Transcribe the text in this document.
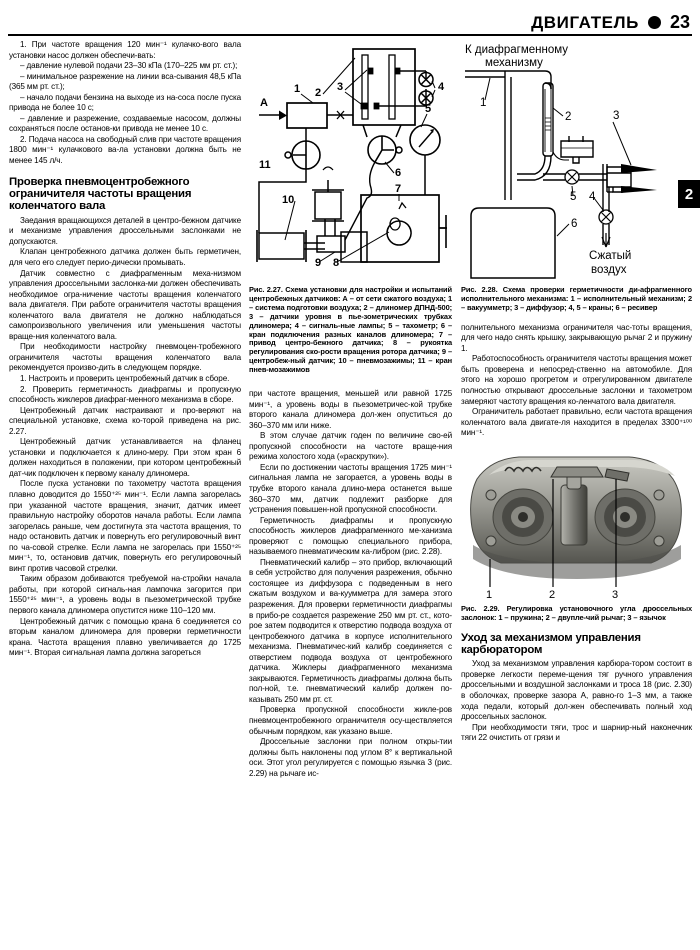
ДВИГАТЕЛЬ 23
2

1. При частоте вращения 120 мин⁻¹ кулачко-вого вала установки насос должен обеспечи-вать:

– давление нулевой подачи 23–30 кПа (170–225 мм рт. ст.);

– минимальное разрежение на линии вса-сывания 48,5 кПа (365 мм рт. ст.);

– начало подачи бензина на выходе из на-соса после пуска привода не более 10 с;

– давление и разрежение, создаваемые насосом, должны сохраняться после останов-ки привода не менее 10 с.

2. Подача насоса на свободный слив при частоте вращения 1800 мин⁻¹ кулачкового ва-ла установки должна быть не менее 145 л/ч.

Проверка пневмоцентробежного ограничителя частоты вращения коленчатого вала

Заедания вращающихся деталей в центро-бежном датчике и механизме управления дроссельными заслонками не допускаются.

Клапан центробежного датчика должен быть герметичен, для чего его следует перио-дически промывать.

Датчик совместно с диафрагменным меха-низмом управления дроссельными заслонка-ми должен обеспечивать необходимое огра-ничение частоты вращения коленчатого вала двигателя. При работе ограничителя частоты вращения коленчатого вала двигателя не должно наблюдаться самопроизвольного увеличения или уменьшения частоты враще-ния коленчатого вала.

При необходимости настройку пневмоцен-тробежного ограничителя частоты вращения коленчатого вала рекомендуется произво-дить в следующем порядке.

1. Настроить и проверить центробежный датчик в сборе.

2. Проверить герметичность диафрагмы и пропускную способность жиклеров диафраг-менного механизма в сборе.

Центробежный датчик настраивают и про-веряют на специальной установке, схема ко-торой приведена на рис. 2.27.

Центробежный датчик устанавливается на фланец установки и подключается к длино-меру. При этом кран 6 должен находиться в положении, при котором центробежный дат-чик подключен к первому каналу длиномера.

После пуска установки по тахометру частота вращения плавно доводится до 1550⁺²⁵ мин⁻¹. Если лампа загорелась при указанной частоте вращения, значит, датчик имеет правильную настройку оборотов начала работы. Если лампа загорелась раньше, чем достигнута эта частота вращения, то надо остановить датчик и повернуть его регулировочный винт по ча-совой стрелке. Если лампа не загорелась при 1550⁺²⁵ мин⁻¹, то, остановив датчик, повернуть его регулировочный винт против часовой стрелки.

Таким образом добиваются требуемой на-стройки начала работы, при которой сигналь-ная лампочка загорится при 1550⁺²⁵ мин⁻¹, а уровень воды в пьезометрической трубке первого канала длиномера опустится ниже 110–120 мм.

Центробежный датчик с помощью крана 6 соединяется со вторым каналом длиномера для проверки герметичности крана. Частота вращения плавно увеличивается до 1725 мин⁻¹. Вторая сигнальная лампа должна загореться

A
1 2 3	4
5
6
7
8
9
10
11

Рис. 2.27. Схема установки для настройки и испытаний центробежных датчиков: А – от сети сжатого воздуха; 1 – система подготовки воздуха; 2 – длиномер ДПНД-500; 3 – датчики уровня в пье-зометрических трубках длиномера; 4 – сигналь-ные лампы; 5 – тахометр; 6 – кран подключения разных каналов длиномера; 7 – привод центро-бежного датчика; 8 – рукоятка регулирования ско-рости вращения ротора датчика; 9 – центробеж-ный датчик; 10 – пневмозажимы; 11 – кран пнев-мозажимов

при частоте вращения, меньшей или равной 1725 мин⁻¹, а уровень воды в пьезометричес-кой трубке второго канала длиномера дол-жен опуститься до 360–370 мм или ниже.

В этом случае датчик годен по величине сво-ей пропускной способности на частоте враще-ния режима холостого хода («раскрутки»).

Если по достижении частоты вращения 1725 мин⁻¹ сигнальная лампа не загорается, а уровень воды в трубке второго канала длино-мера останется выше 360–370 мм, датчик подлежит разборке для устранения повышен-ной пропускной способности.

Герметичность диафрагмы и пропускную способность жиклеров диафрагменного ме-ханизма проверяют с помощью специального прибора, называемого пневматическим ка-либром (рис. 2.28).

Пневматический калибр – это прибор, включающий в себя устройство для получения разрежения, обычно состоящее из диффузора с подведенным в него сжатым воздухом и ва-куумметра для замера этого разрежения. Для проверки герметичности диафрагмы в прибо-ре создается разрежение 250 мм рт. ст., кото-рое затем подводится к отверстию подвода воздуха от центробежного датчика в корпусе исполнительного механизма. Пневматичес-кий калибр соединяется с отверстием подвода воздуха от центробежного датчика. Жиклеры диафрагменного механизма закрываются. Герметичность диафрагмы должна быть пол-ной, т.е. пневматический калибр должен по-казывать 250 мм рт. ст.

Проверка пропускной способности жикле-ров пневмоцентробежного ограничителя осу-ществляется обычным порядком, как указано выше.

Дроссельные заслонки при полном откры-тии должны быть наклонены под углом 8° к вертикальной оси. Этот угол регулируется с помощью язычка 3 (рис. 2.29) на рычаге ис-

К диафрагменному
механизму
Сжатый
воздух
1
2	3
4
5
6

Рис. 2.28. Схема проверки герметичности ди-афрагменного исполнительного механизма: 1 – исполнительный механизм; 2 – вакуумметр; 3 – диффузор; 4, 5 – краны; 6 – ресивер

полнительного механизма ограничителя час-тоты вращения, для чего надо снять крышку, закрывающую рычаг 2 и пружину 1.

Работоспособность ограничителя частоты вращения может быть проверена и непосред-ственно на автомобиле. Для этого на хорошо прогретом и отрегулированном двигателе полностью открывают дроссельные заслонки и тахометром замеряют частоту вращения ко-ленчатого вала двигателя.

Ограничитель работает правильно, если частота вращения коленчатого вала двигате-ля находится в пределах 3300⁺¹⁰⁰ мин⁻¹.

1	2	3

Рис. 2.29. Регулировка установочного угла дроссельных заслонок: 1 – пружина; 2 – двупле-чий рычаг; 3 – язычок

Уход за механизмом управления карбюратором

Уход за механизмом управления карбюра-тором состоит в проверке легкости переме-щения тяг ручного управления дроссельными и воздушной заслонками и троса 18 (рис. 2.30) в оболочках, проверке зазора А, равно-го 1–3 мм, а также хода педали, который дол-жен обеспечивать полный ход дроссельных заслонок.

При необходимости тяги, трос и шарнир-ный наконечник тяги 22 очистить от грязи и
